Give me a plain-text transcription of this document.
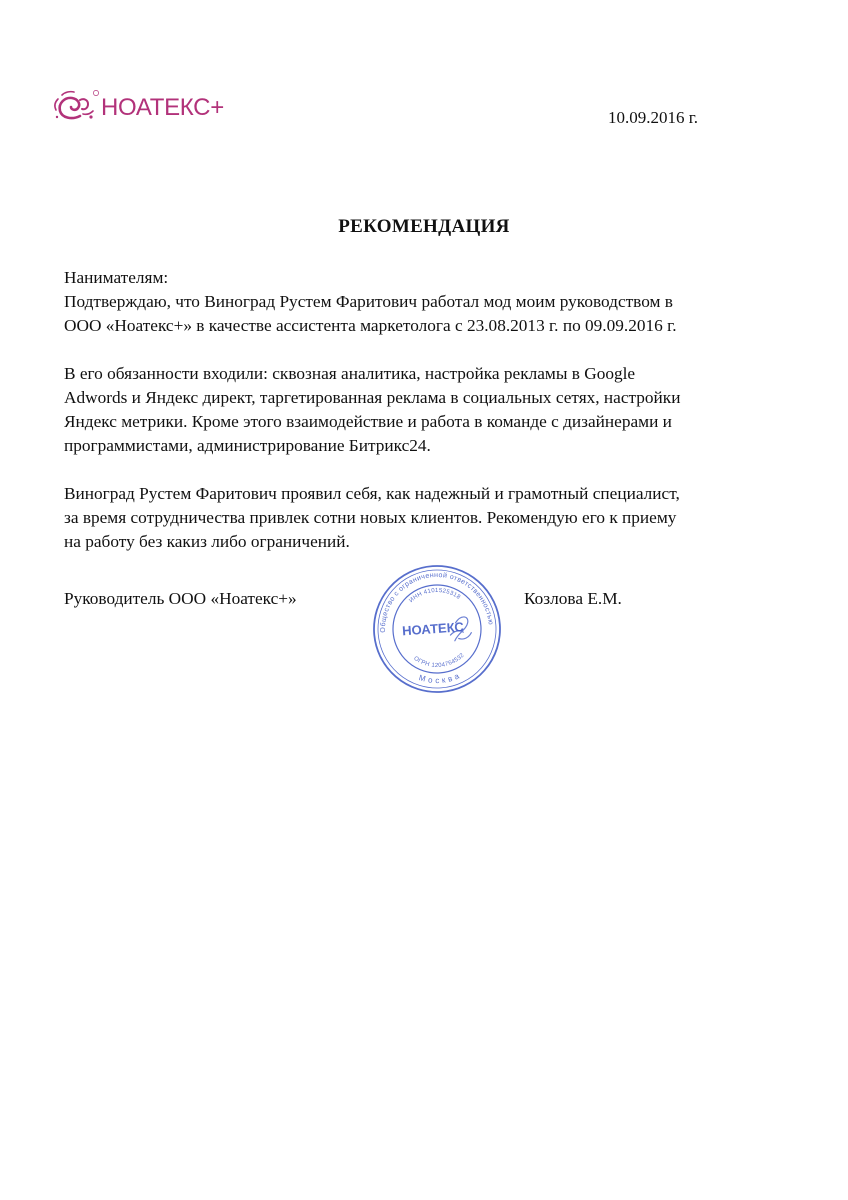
НОАТЕКС+	10.09.2016 г.
РЕКОМЕНДАЦИЯ
Нанимателям:
Подтверждаю, что Виноград Рустем Фаритович работал мод моим руководством в
ООО «Ноатекс+» в качестве ассистента маркетолога с 23.08.2013 г. по 09.09.2016 г.
В его обязанности входили: сквозная аналитика, настройка рекламы в Google
Adwords и Яндекс директ, таргетированная реклама в социальных сетях, настройки
Яндекс метрики. Кроме этого взаимодействие и работа в команде с дизайнерами и
программистами, администрирование Битрикс24.
Виноград Рустем Фаритович проявил себя, как надежный и грамотный специалист,
за время сотрудничества привлек сотни новых клиентов. Рекомендую его к приему
на работу без какиз либо ограничений.
Руководитель ООО «Ноатекс+»	Козлова Е.М.
Общество с ограниченной ответственностью
Москва
ИНН 4101525318
ОГРН 1204764532
НОАТЕКС
